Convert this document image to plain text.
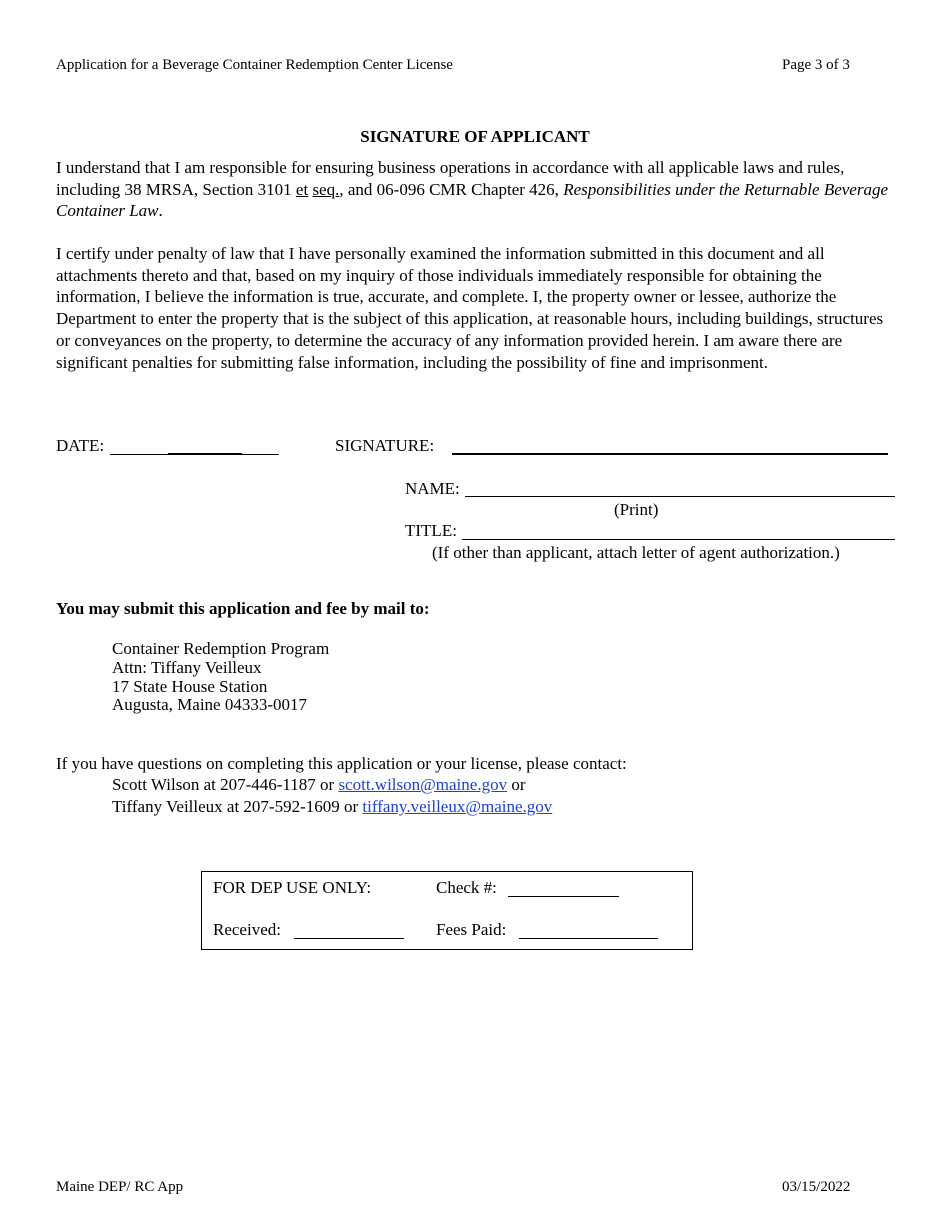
Application for a Beverage Container Redemption Center License	Page 3 of 3
SIGNATURE OF APPLICANT
I understand that I am responsible for ensuring business operations in accordance with all applicable laws and rules, including 38 MRSA, Section 3101 et seq., and 06-096 CMR Chapter 426, Responsibilities under the Returnable Beverage Container Law.
I certify under penalty of law that I have personally examined the information submitted in this document and all attachments thereto and that, based on my inquiry of those individuals immediately responsible for obtaining the information, I believe the information is true, accurate, and complete. I, the property owner or lessee, authorize the Department to enter the property that is the subject of this application, at reasonable hours, including buildings, structures or conveyances on the property, to determine the accuracy of any information provided herein. I am aware there are significant penalties for submitting false information, including the possibility of fine and imprisonment.
DATE:	SIGNATURE:
NAME:
(Print)
TITLE:
(If other than applicant, attach letter of agent authorization.)
You may submit this application and fee by mail to:
Container Redemption Program
Attn: Tiffany Veilleux
17 State House Station
Augusta, Maine 04333-0017
If you have questions on completing this application or your license, please contact:
Scott Wilson at 207-446-1187 or scott.wilson@maine.gov or
Tiffany Veilleux at 207-592-1609 or tiffany.veilleux@maine.gov
FOR DEP USE ONLY:	Check #:
Received:	Fees Paid:
Maine DEP/ RC App	03/15/2022
